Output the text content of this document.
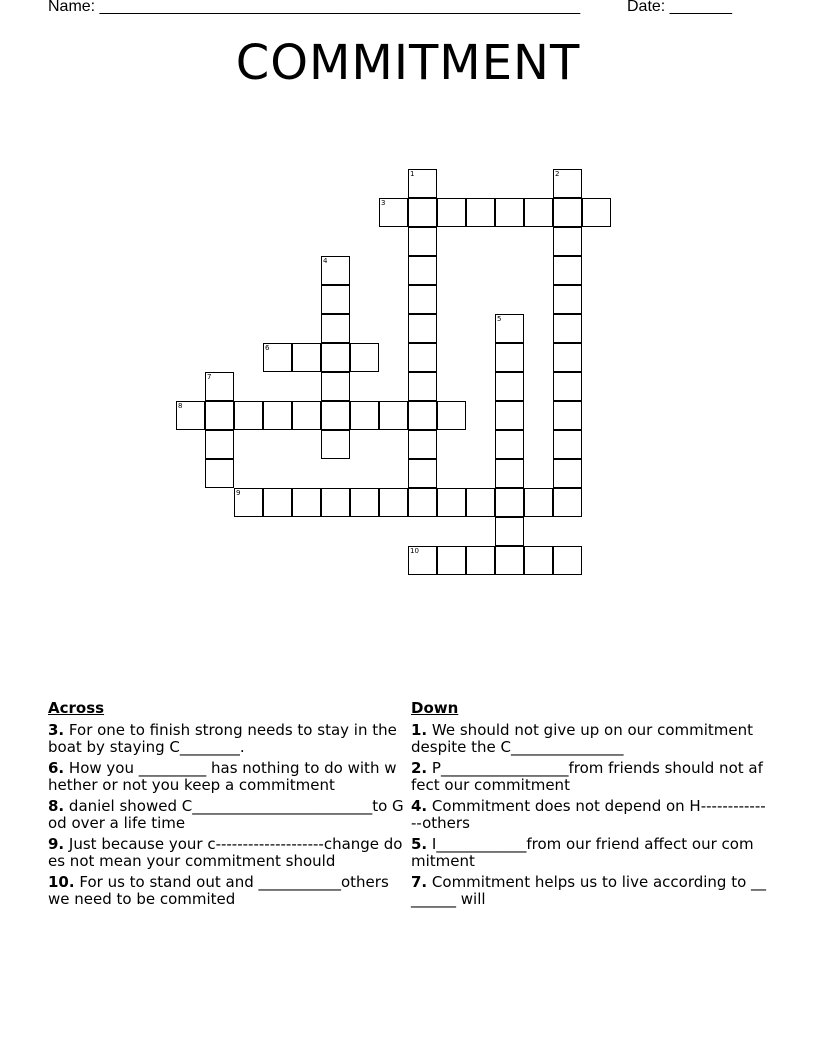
Name: ______________________________________________________	Date: _______
COMMITMENT
1	2
3
4
5
6
7
8
9
10
Across
3. For one to finish strong needs to stay in the boat by staying C________.
6. How you _________ has nothing to do with whether or not you keep a commitment
8. daniel showed C________________________to God over a life time
9. Just because your c--------------------change does not mean your commitment should
10. For us to stand out and ___________others we need to be commited
Down
1. We should not give up on our commitment despite the C_______________
2. P_________________from friends should not affect our commitment
4. Commitment does not depend on H--------------others
5. I____________from our friend affect our commitment
7. Commitment helps us to live according to ________ will
